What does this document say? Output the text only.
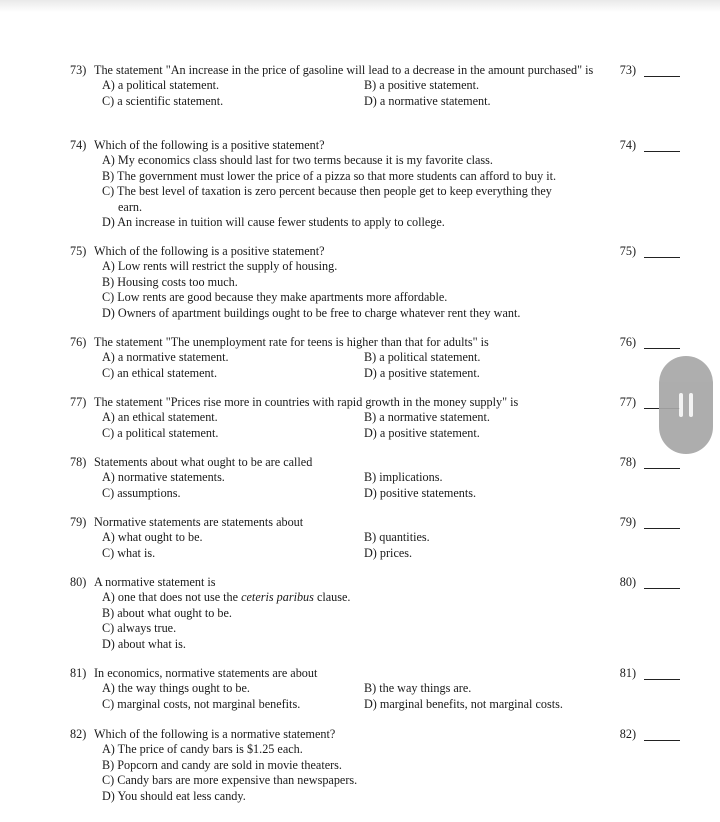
73) The statement "An increase in the price of gasoline will lead to a decrease in the amount purchased" is
A) a political statement.	B) a positive statement.
C) a scientific statement.	D) a normative statement.
73)
74) Which of the following is a positive statement?
A) My economics class should last for two terms because it is my favorite class.
B) The government must lower the price of a pizza so that more students can afford to buy it.
C) The best level of taxation is zero percent because then people get to keep everything they
earn.
D) An increase in tuition will cause fewer students to apply to college.
74)
75) Which of the following is a positive statement?
A) Low rents will restrict the supply of housing.
B) Housing costs too much.
C) Low rents are good because they make apartments more affordable.
D) Owners of apartment buildings ought to be free to charge whatever rent they want.
75)
76) The statement "The unemployment rate for teens is higher than that for adults" is
A) a normative statement.	B) a political statement.
C) an ethical statement.	D) a positive statement.
76)
77) The statement "Prices rise more in countries with rapid growth in the money supply" is
A) an ethical statement.	B) a normative statement.
C) a political statement.	D) a positive statement.
77)
78) Statements about what ought to be are called
A) normative statements.	B) implications.
C) assumptions.	D) positive statements.
78)
79) Normative statements are statements about
A) what ought to be.	B) quantities.
C) what is.	D) prices.
79)
80) A normative statement is
A) one that does not use the ceteris paribus clause.
B) about what ought to be.
C) always true.
D) about what is.
80)
81) In economics, normative statements are about
A) the way things ought to be.	B) the way things are.
C) marginal costs, not marginal benefits.	D) marginal benefits, not marginal costs.
81)
82) Which of the following is a normative statement?
A) The price of candy bars is $1.25 each.
B) Popcorn and candy are sold in movie theaters.
C) Candy bars are more expensive than newspapers.
D) You should eat less candy.
82)
